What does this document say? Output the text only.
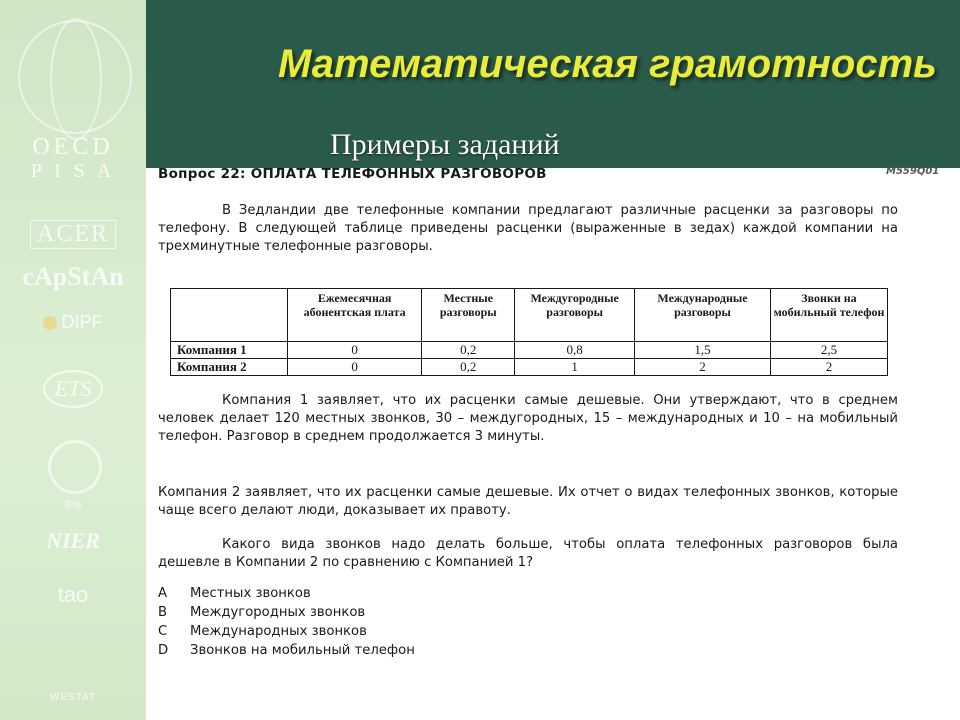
OECD
P I S A
ACER
cApStAn
DIPF
ETS
IPN
NIER
tao
WESTAT
Математическая грамотность
Примеры заданий
Вопрос 22: ОПЛАТА ТЕЛЕФОННЫХ РАЗГОВОРОВ	M559Q01
В Зедландии две телефонные компании предлагают различные расценки за разговоры по телефону. В следующей таблице приведены расценки (выраженные в зедах) каждой компании на трехминутные телефонные разговоры.
	Ежемесячная абонентская плата	Местные разговоры	Междугородные разговоры	Международные разговоры	Звонки на мобильный телефон
Компания 1	0	0,2	0,8	1,5	2,5
Компания 2	0	0,2	1	2	2
Компания 1 заявляет, что их расценки самые дешевые. Они утверждают, что в среднем человек делает 120 местных звонков, 30 – междугородных, 15 – международных и 10 – на мобильный телефон. Разговор в среднем продолжается 3 минуты.
Компания 2 заявляет, что их расценки самые дешевые. Их отчет о видах телефонных звонков, которые чаще всего делают люди, доказывает их правоту.
Какого вида звонков надо делать больше, чтобы оплата телефонных разговоров была дешевле в Компании 2 по сравнению с Компанией 1?
A Местных звонков
B Междугородных звонков
C Международных звонков
D Звонков на мобильный телефон
